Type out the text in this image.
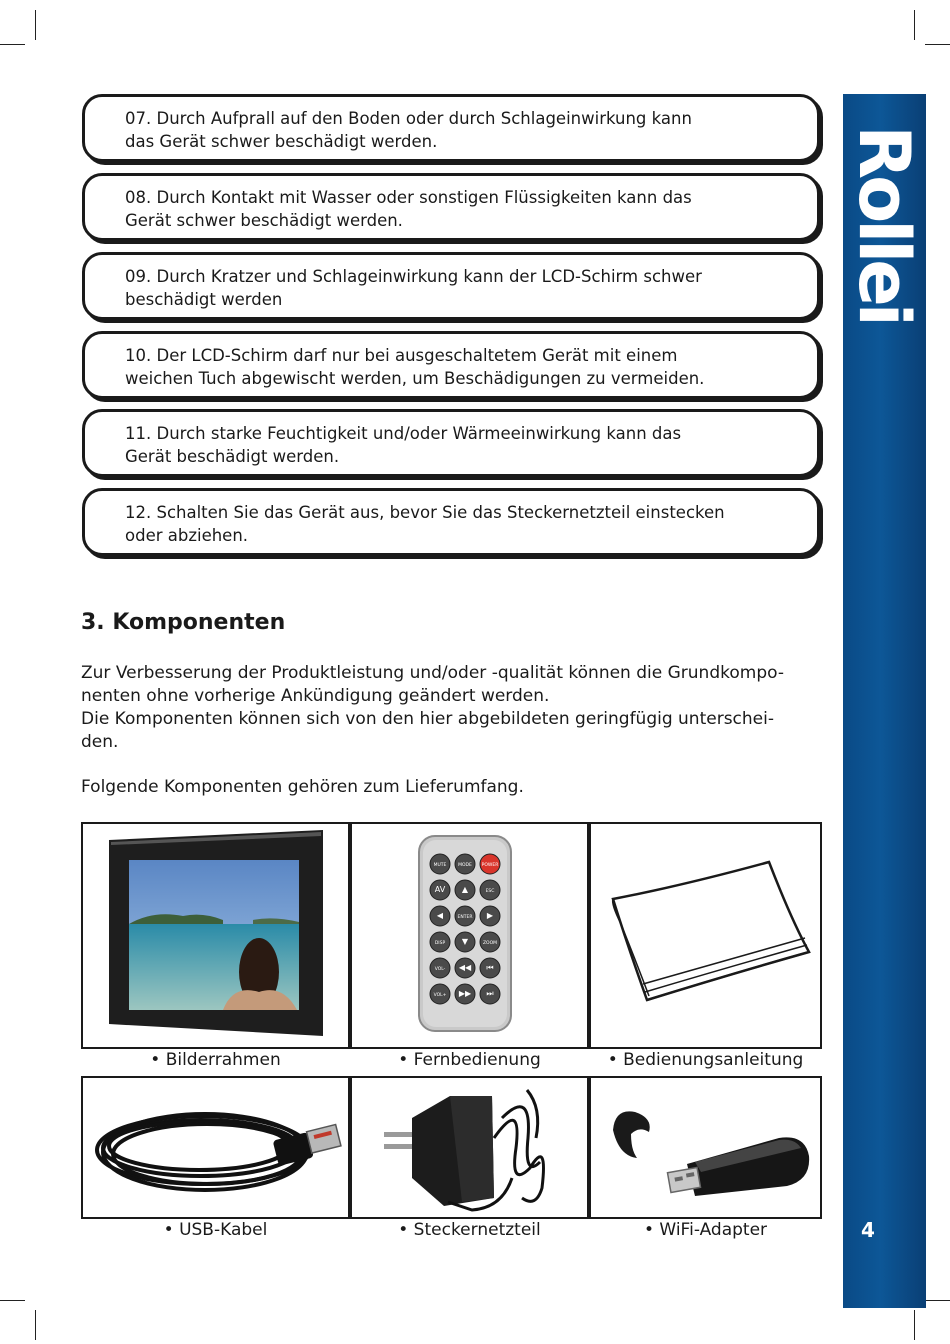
Rollei
4
07. Durch Aufprall auf den Boden oder durch Schlageinwirkung kann
das Gerät schwer beschädigt werden.
08. Durch Kontakt mit Wasser oder sonstigen Flüssigkeiten kann das
Gerät schwer beschädigt werden.
09. Durch Kratzer und Schlageinwirkung kann der LCD-Schirm schwer
beschädigt werden
10. Der LCD-Schirm darf nur bei ausgeschaltetem Gerät mit einem
weichen Tuch abgewischt werden, um Beschädigungen zu vermeiden.
11. Durch starke Feuchtigkeit und/oder Wärmeeinwirkung kann das
Gerät beschädigt werden.
12. Schalten Sie das Gerät aus, bevor Sie das Steckernetzteil einstecken
oder abziehen.
3. Komponenten
Zur Verbesserung der Produktleistung und/oder -qualität können die Grundkompo-
nenten ohne vorherige Ankündigung geändert werden.
Die Komponenten können sich von den hier abgebildeten geringfügig unterschei-
den.
Folgende Komponenten gehören zum Lieferumfang.
MUTE	MODE POWER
AV ▲	ESC
◀	ENTER ▶
DISP ▼	ZOOM
VOL- ◀◀ ⏮
VOL+ ▶▶ ⏭
• Bilderrahmen	• Fernbedienung	• Bedienungsanleitung
• USB-Kabel	• Steckernetzteil	• WiFi-Adapter
